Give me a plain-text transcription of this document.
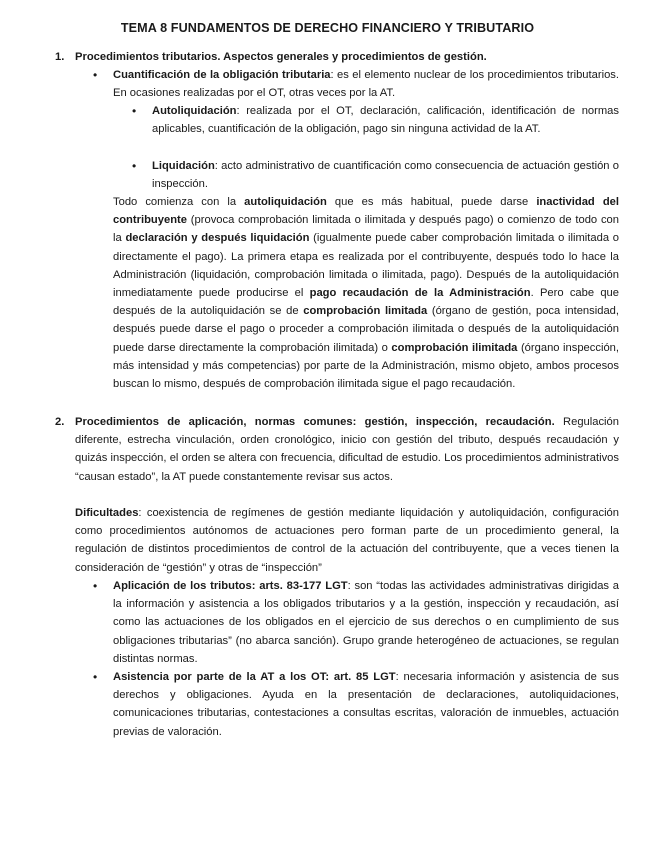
TEMA 8 FUNDAMENTOS DE DERECHO FINANCIERO Y TRIBUTARIO
1. Procedimientos tributarios. Aspectos generales y procedimientos de gestión.

• Cuantificación de la obligación tributaria: es el elemento nuclear de los procedimientos tributarios. En ocasiones realizadas por el OT, otras veces por la AT.

• Autoliquidación: realizada por el OT, declaración, calificación, identificación de normas aplicables, cuantificación de la obligación, pago sin ninguna actividad de la AT.

• Liquidación: acto administrativo de cuantificación como consecuencia de actuación gestión o inspección.

Todo comienza con la autoliquidación que es más habitual, puede darse inactividad del contribuyente (provoca comprobación limitada o ilimitada y después pago) o comienzo de todo con la declaración y después liquidación (igualmente puede caber comprobación limitada o ilimitada o directamente el pago). La primera etapa es realizada por el contribuyente, después todo lo hace la Administración (liquidación, comprobación limitada o ilimitada, pago). Después de la autoliquidación inmediatamente puede producirse el pago recaudación de la Administración. Pero cabe que después de la autoliquidación se de comprobación limitada (órgano de gestión, poca intensidad, después puede darse el pago o proceder a comprobación ilimitada o después de la autoliquidación puede darse directamente la comprobación ilimitada) o comprobación ilimitada (órgano inspección, más intensidad y más competencias) por parte de la Administración, mismo objeto, ambos procesos buscan lo mismo, después de comprobación ilimitada sigue el pago recaudación.

2. Procedimientos de aplicación, normas comunes: gestión, inspección, recaudación. Regulación diferente, estrecha vinculación, orden cronológico, inicio con gestión del tributo, después recaudación y quizás inspección, el orden se altera con frecuencia, dificultad de estudio. Los procedimientos administrativos “causan estado”, la AT puede constantemente revisar sus actos.

Dificultades: coexistencia de regímenes de gestión mediante liquidación y autoliquidación, configuración como procedimientos autónomos de actuaciones pero forman parte de un procedimiento general, la regulación de distintos procedimientos de control de la actuación del contribuyente, que a veces tienen la consideración de “gestión” y otras de “inspección”

• Aplicación de los tributos: arts. 83-177 LGT: son “todas las actividades administrativas dirigidas a la información y asistencia a los obligados tributarios y a la gestión, inspección y recaudación, así como las actuaciones de los obligados en el ejercicio de sus derechos o en cumplimiento de sus obligaciones tributarias” (no abarca sanción). Grupo grande heterogéneo de actuaciones, se regulan distintas normas.

• Asistencia por parte de la AT a los OT: art. 85 LGT: necesaria información y asistencia de sus derechos y obligaciones. Ayuda en la presentación de declaraciones, autoliquidaciones, comunicaciones tributarias, contestaciones a consultas escritas, valoración de inmuebles, actuación previas de valoración.
